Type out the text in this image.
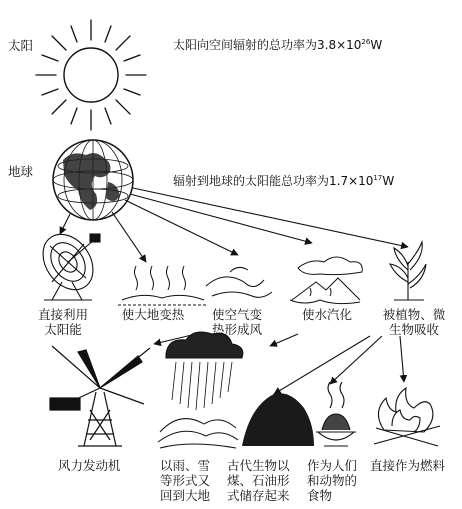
太阳
地球
太阳向空间辐射的总功率为$3.8\times 10^{26}W$
辐射到地球的太阳能总功率为$1.7\times 10^{17}W$
直接利用
太阳能
使大地变热	使空气变
热形成风
使水汽化	被植物、微
生物吸收
风力发动机	以雨、雪
等形式又
回到大地
古代生物以
煤、石油形
式储存起来
作为人们
和动物的
食物
直接作为燃料
